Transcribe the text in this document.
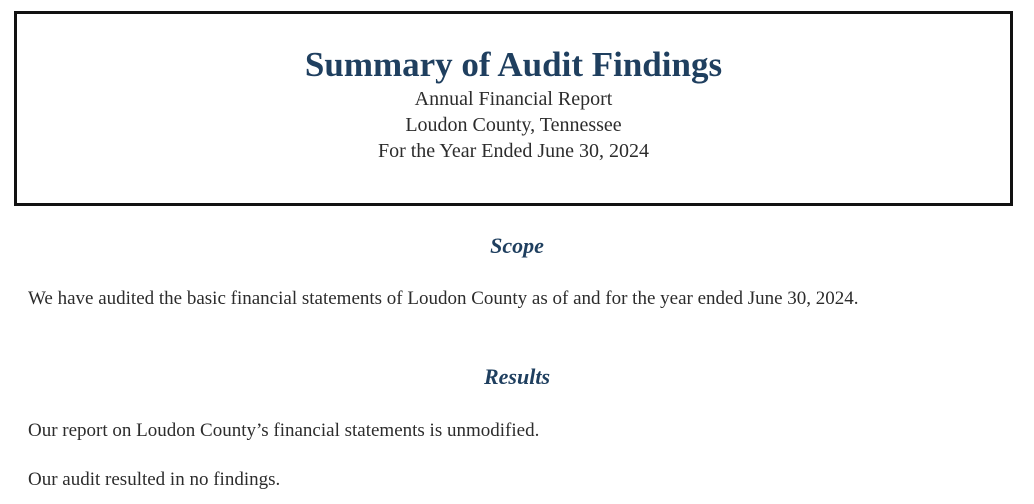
Summary of Audit Findings

Annual Financial Report

Loudon County, Tennessee

For the Year Ended June 30, 2024

Scope

We have audited the basic financial statements of Loudon County as of and for the year ended June 30, 2024.

Results

Our report on Loudon County’s financial statements is unmodified.

Our audit resulted in no findings.
